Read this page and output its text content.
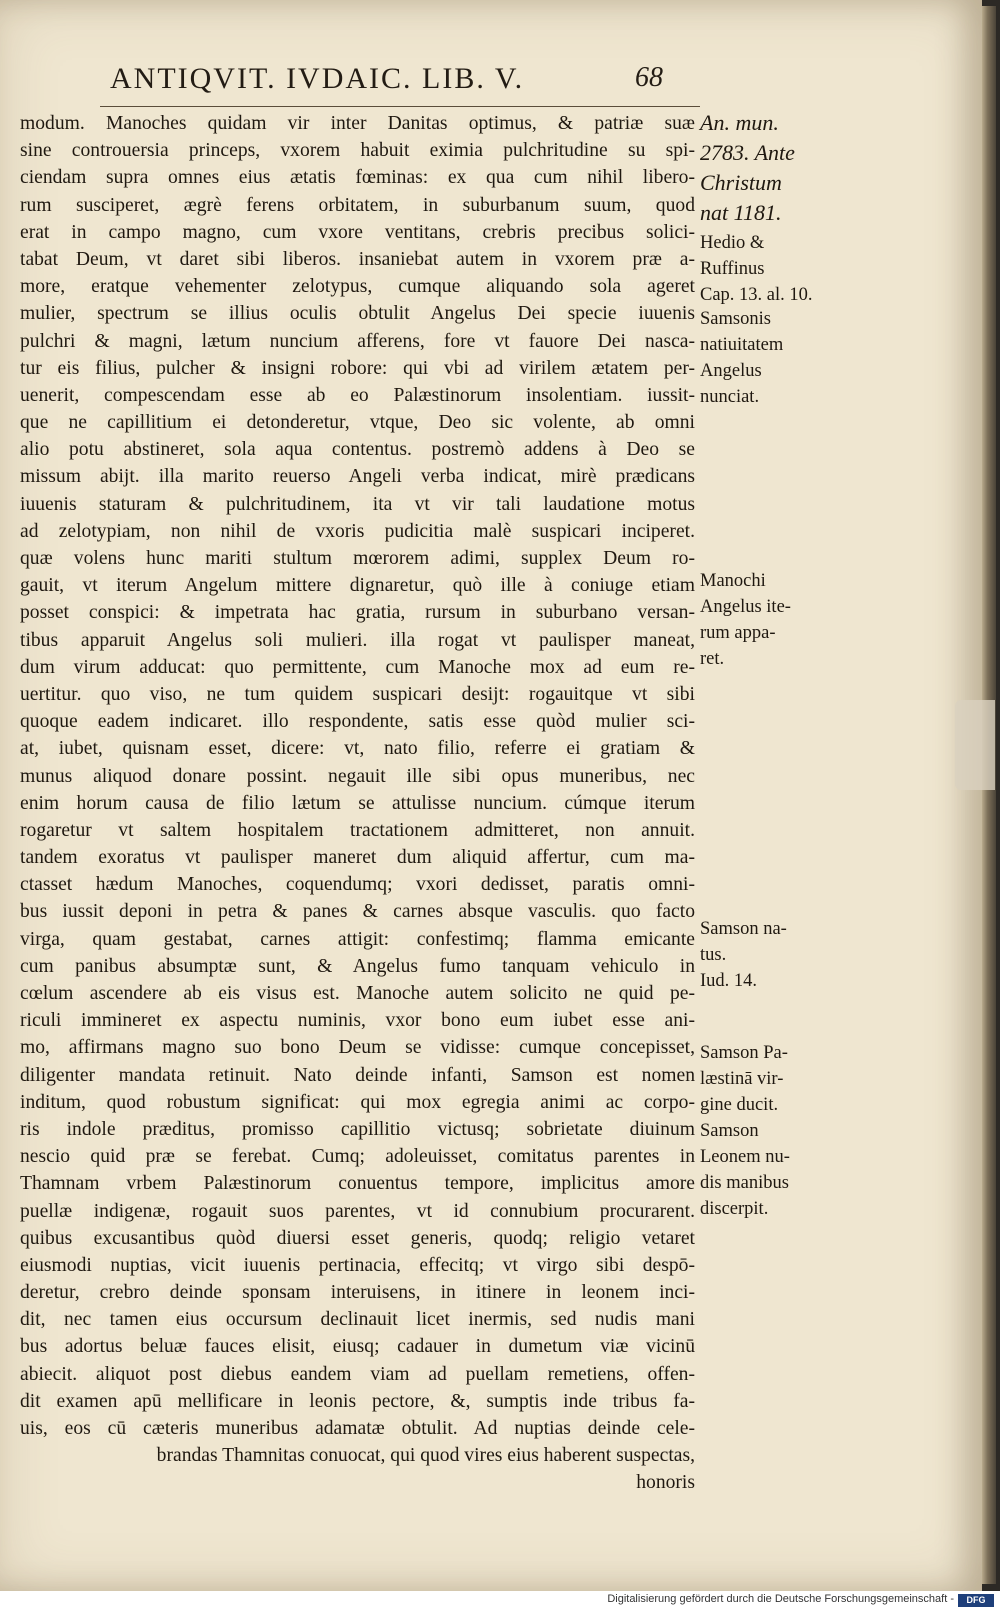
ANTIQVIT. IVDAIC. LIB. V.	68
modum. Manoches quidam vir inter Danitas optimus, & patriæ suæ
sine controuersia princeps, vxorem habuit eximia pulchritudine su spi-
ciendam supra omnes eius ætatis fœminas: ex qua cum nihil libero-
rum susciperet, ægrè ferens orbitatem, in suburbanum suum, quod
erat in campo magno, cum vxore ventitans, crebris precibus solici-
tabat Deum, vt daret sibi liberos. insaniebat autem in vxorem præ a-
more, eratque vehementer zelotypus, cumque aliquando sola ageret
mulier, spectrum se illius oculis obtulit Angelus Dei specie iuuenis
pulchri & magni, lætum nuncium afferens, fore vt fauore Dei nasca-
tur eis filius, pulcher & insigni robore: qui vbi ad virilem ætatem per-
uenerit, compescendam esse ab eo Palæstinorum insolentiam. iussit-
que ne capillitium ei detonderetur, vtque, Deo sic volente, ab omni
alio potu abstineret, sola aqua contentus. postremò addens à Deo se
missum abijt. illa marito reuerso Angeli verba indicat, mirè prædicans
iuuenis staturam & pulchritudinem, ita vt vir tali laudatione motus
ad zelotypiam, non nihil de vxoris pudicitia malè suspicari inciperet.
quæ volens hunc mariti stultum mœrorem adimi, supplex Deum ro-
gauit, vt iterum Angelum mittere dignaretur, quò ille à coniuge etiam
posset conspici: & impetrata hac gratia, rursum in suburbano versan-
tibus apparuit Angelus soli mulieri. illa rogat vt paulisper maneat,
dum virum adducat: quo permittente, cum Manoche mox ad eum re-
uertitur. quo viso, ne tum quidem suspicari desijt: rogauitque vt sibi
quoque eadem indicaret. illo respondente, satis esse quòd mulier sci-
at, iubet, quisnam esset, dicere: vt, nato filio, referre ei gratiam &
munus aliquod donare possint. negauit ille sibi opus muneribus, nec
enim horum causa de filio lætum se attulisse nuncium. cúmque iterum
rogaretur vt saltem hospitalem tractationem admitteret, non annuit.
tandem exoratus vt paulisper maneret dum aliquid affertur, cum ma-
ctasset hædum Manoches, coquendumq; vxori dedisset, paratis omni-
bus iussit deponi in petra & panes & carnes absque vasculis. quo facto
virga, quam gestabat, carnes attigit: confestimq; flamma emicante
cum panibus absumptæ sunt, & Angelus fumo tanquam vehiculo in
cœlum ascendere ab eis visus est. Manoche autem solicito ne quid pe-
riculi immineret ex aspectu numinis, vxor bono eum iubet esse ani-
mo, affirmans magno suo bono Deum se vidisse: cumque concepisset,
diligenter mandata retinuit. Nato deinde infanti, Samson est nomen
inditum, quod robustum significat: qui mox egregia animi ac corpo-
ris indole præditus, promisso capillitio victusq; sobrietate diuinum
nescio quid præ se ferebat. Cumq; adoleuisset, comitatus parentes in
Thamnam vrbem Palæstinorum conuentus tempore, implicitus amore
puellæ indigenæ, rogauit suos parentes, vt id connubium procurarent.
quibus excusantibus quòd diuersi esset generis, quodq; religio vetaret
eiusmodi nuptias, vicit iuuenis pertinacia, effecitq; vt virgo sibi despō-
deretur, crebro deinde sponsam interuisens, in itinere in leonem inci-
dit, nec tamen eius occursum declinauit licet inermis, sed nudis mani
bus adortus beluæ fauces elisit, eiusq; cadauer in dumetum viæ vicinū
abiecit. aliquot post diebus eandem viam ad puellam remetiens, offen-
dit examen apū mellificare in leonis pectore, &, sumptis inde tribus fa-
uis, eos cū cæteris muneribus adamatæ obtulit. Ad nuptias deinde cele-
brandas Thamnitas conuocat, qui quod vires eius haberent suspectas,
honoris
An. mun.
2783. Ante
Christum
nat 1181.
Hedio &
Ruffinus
Cap. 13. al. 10.
Samsonis
natiuitatem
Angelus
nunciat.
Manochi
Angelus ite-
rum appa-
ret.
Samson na-
tus.
Iud. 14.
Samson Pa-
læstinā vir-
gine ducit.
Samson
Leonem nu-
dis manibus
discerpit.
Digitalisierung gefördert durch die Deutsche Forschungsgemeinschaft -	DFG
